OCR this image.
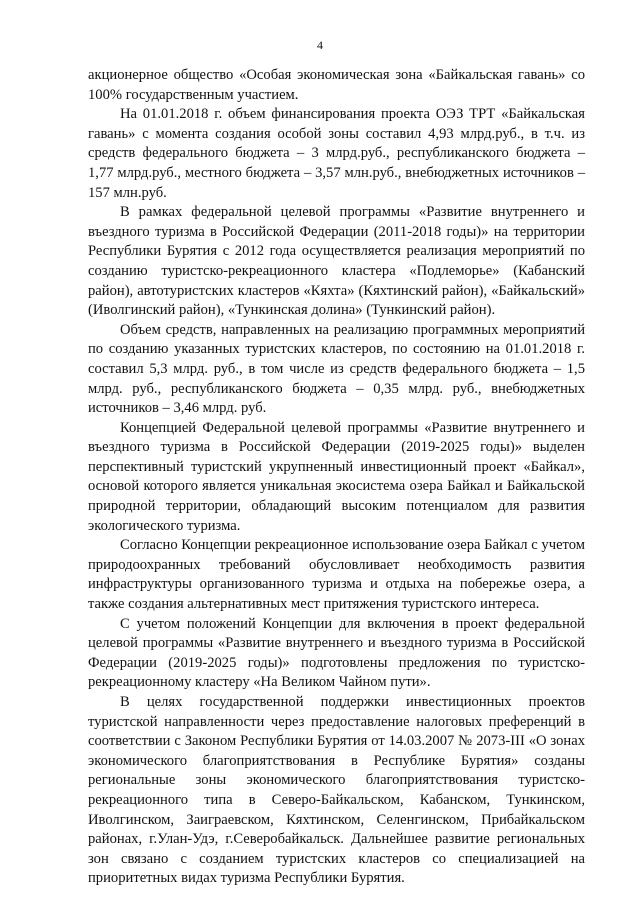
4

акционерное общество «Особая экономическая зона «Байкальская гавань» со 100% государственным участием.

На 01.01.2018 г. объем финансирования проекта ОЭЗ ТРТ «Байкальская гавань» с момента создания особой зоны составил 4,93 млрд.руб., в т.ч. из средств федерального бюджета – 3 млрд.руб., республиканского бюджета – 1,77 млрд.руб., местного бюджета – 3,57 млн.руб., внебюджетных источников – 157 млн.руб.

В рамках федеральной целевой программы «Развитие внутреннего и въездного туризма в Российской Федерации (2011-2018 годы)» на территории Республики Бурятия с 2012 года осуществляется реализация мероприятий по созданию туристско-рекреационного кластера «Подлеморье» (Кабанский район), автотуристских кластеров «Кяхта» (Кяхтинский район), «Байкальский» (Иволгинский район), «Тункинская долина» (Тункинский район).

Объем средств, направленных на реализацию программных мероприятий по созданию указанных туристских кластеров, по состоянию на 01.01.2018 г. составил 5,3 млрд. руб., в том числе из средств федерального бюджета – 1,5 млрд. руб., республиканского бюджета – 0,35 млрд. руб., внебюджетных источников – 3,46 млрд. руб.

Концепцией Федеральной целевой программы «Развитие внутреннего и въездного туризма в Российской Федерации (2019-2025 годы)» выделен перспективный туристский укрупненный инвестиционный проект «Байкал», основой которого является уникальная экосистема озера Байкал и Байкальской природной территории, обладающий высоким потенциалом для развития экологического туризма.

Согласно Концепции рекреационное использование озера Байкал с учетом природоохранных требований обусловливает необходимость развития инфраструктуры организованного туризма и отдыха на побережье озера, а также создания альтернативных мест притяжения туристского интереса.

С учетом положений Концепции для включения в проект федеральной целевой программы «Развитие внутреннего и въездного туризма в Российской Федерации (2019-2025 годы)» подготовлены предложения по туристско-рекреационному кластеру «На Великом Чайном пути».

В целях государственной поддержки инвестиционных проектов туристской направленности через предоставление налоговых преференций в соответствии с Законом Республики Бурятия от 14.03.2007 № 2073-III «О зонах экономического благоприятствования в Республике Бурятия» созданы региональные зоны экономического благоприятствования туристско-рекреационного типа в Северо-Байкальском, Кабанском, Тункинском, Иволгинском, Заиграевском, Кяхтинском, Селенгинском, Прибайкальском районах, г.Улан-Удэ, г.Северобайкальск. Дальнейшее развитие региональных зон связано с созданием туристских кластеров со специализацией на приоритетных видах туризма Республики Бурятия.
